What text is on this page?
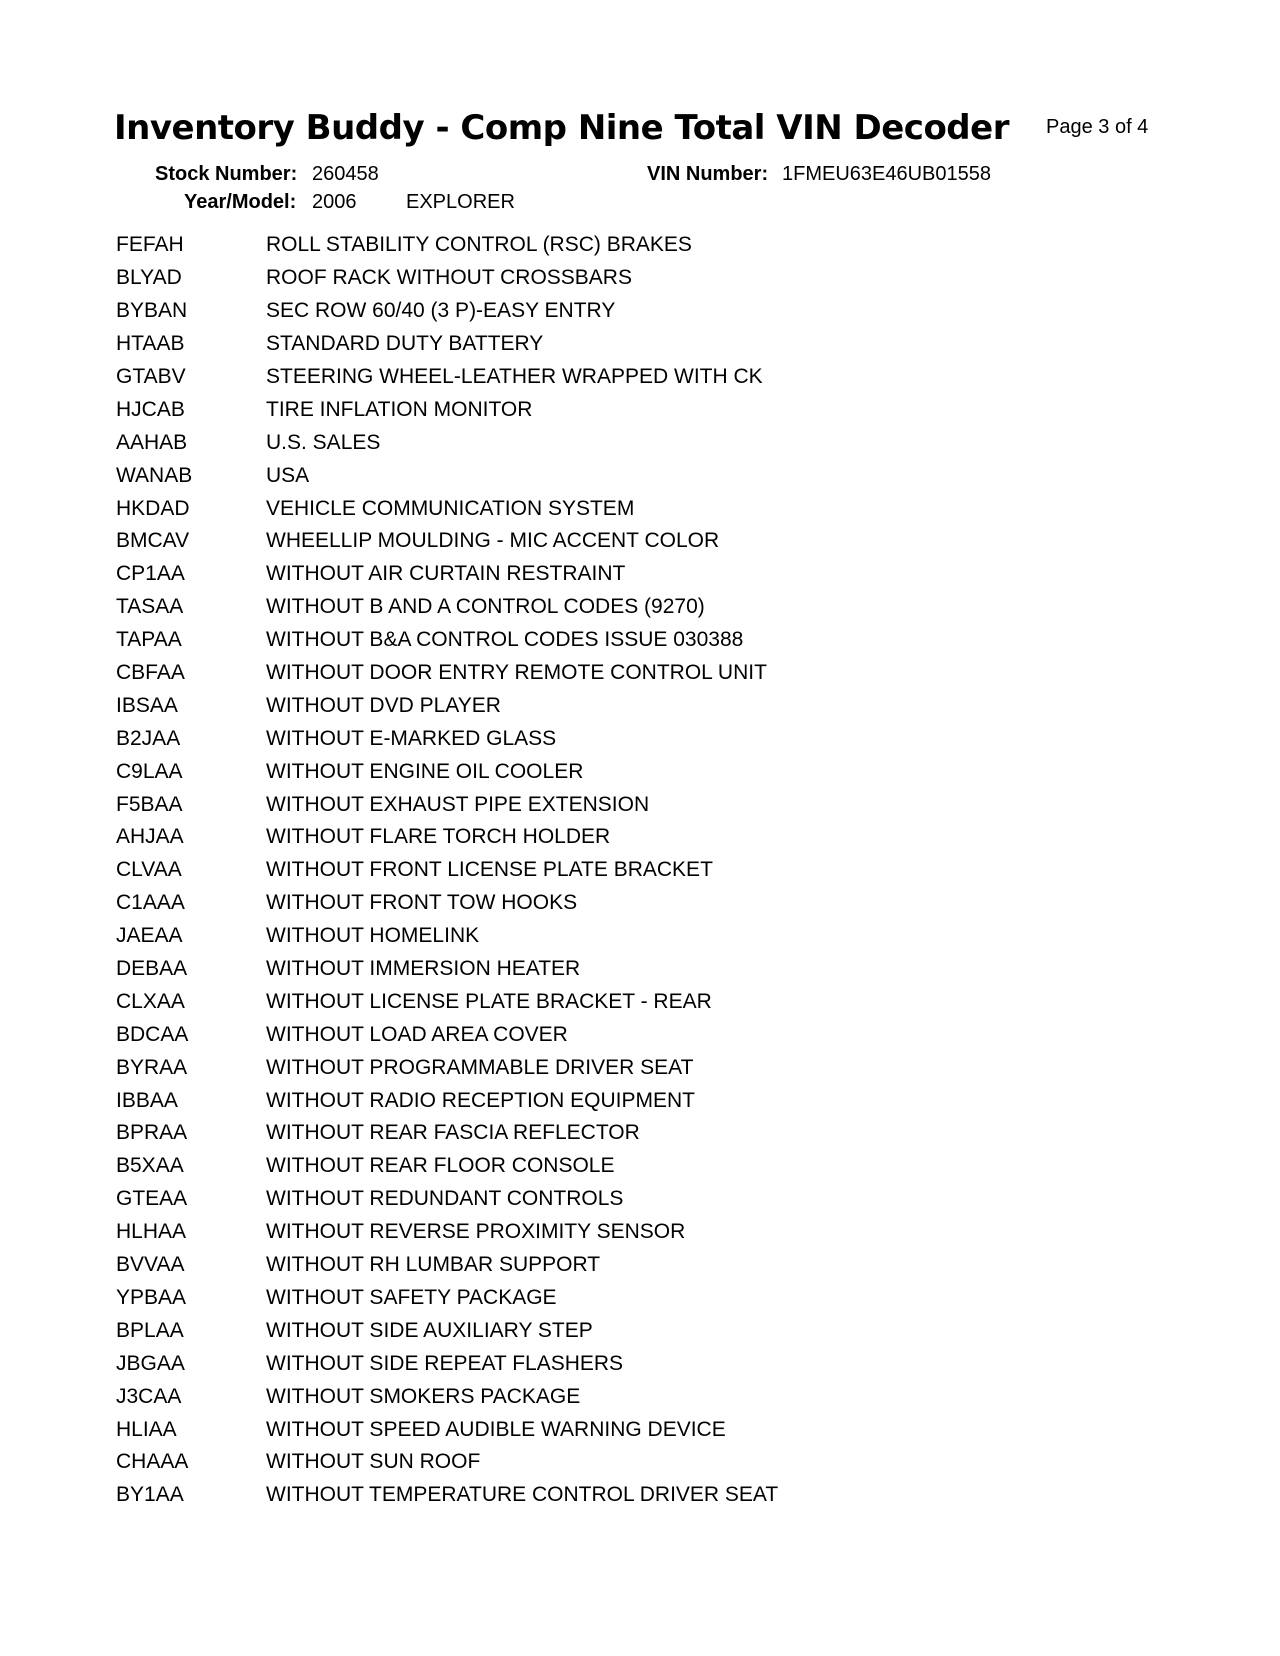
Inventory Buddy - Comp Nine Total VIN Decoder Page 3 of 4
Stock Number: 260458	VIN Number: 1FMEU63E46UB01558
Year/Model: 2006 EXPLORER
FEFAH	ROLL STABILITY CONTROL (RSC) BRAKES
BLYAD	ROOF RACK WITHOUT CROSSBARS
BYBAN	SEC ROW 60/40 (3 P)-EASY ENTRY
HTAAB	STANDARD DUTY BATTERY
GTABV	STEERING WHEEL-LEATHER WRAPPED WITH CK
HJCAB	TIRE INFLATION MONITOR
AAHAB	U.S. SALES
WANAB	USA
HKDAD	VEHICLE COMMUNICATION SYSTEM
BMCAV	WHEELLIP MOULDING - MIC ACCENT COLOR
CP1AA	WITHOUT AIR CURTAIN RESTRAINT
TASAA	WITHOUT B AND A CONTROL CODES (9270)
TAPAA	WITHOUT B&A CONTROL CODES ISSUE 030388
CBFAA	WITHOUT DOOR ENTRY REMOTE CONTROL UNIT
IBSAA	WITHOUT DVD PLAYER
B2JAA	WITHOUT E-MARKED GLASS
C9LAA	WITHOUT ENGINE OIL COOLER
F5BAA	WITHOUT EXHAUST PIPE EXTENSION
AHJAA	WITHOUT FLARE TORCH HOLDER
CLVAA	WITHOUT FRONT LICENSE PLATE BRACKET
C1AAA	WITHOUT FRONT TOW HOOKS
JAEAA	WITHOUT HOMELINK
DEBAA	WITHOUT IMMERSION HEATER
CLXAA	WITHOUT LICENSE PLATE BRACKET - REAR
BDCAA	WITHOUT LOAD AREA COVER
BYRAA	WITHOUT PROGRAMMABLE DRIVER SEAT
IBBAA	WITHOUT RADIO RECEPTION EQUIPMENT
BPRAA	WITHOUT REAR FASCIA REFLECTOR
B5XAA	WITHOUT REAR FLOOR CONSOLE
GTEAA	WITHOUT REDUNDANT CONTROLS
HLHAA	WITHOUT REVERSE PROXIMITY SENSOR
BVVAA	WITHOUT RH LUMBAR SUPPORT
YPBAA	WITHOUT SAFETY PACKAGE
BPLAA	WITHOUT SIDE AUXILIARY STEP
JBGAA	WITHOUT SIDE REPEAT FLASHERS
J3CAA	WITHOUT SMOKERS PACKAGE
HLIAA	WITHOUT SPEED AUDIBLE WARNING DEVICE
CHAAA	WITHOUT SUN ROOF
BY1AA	WITHOUT TEMPERATURE CONTROL DRIVER SEAT
